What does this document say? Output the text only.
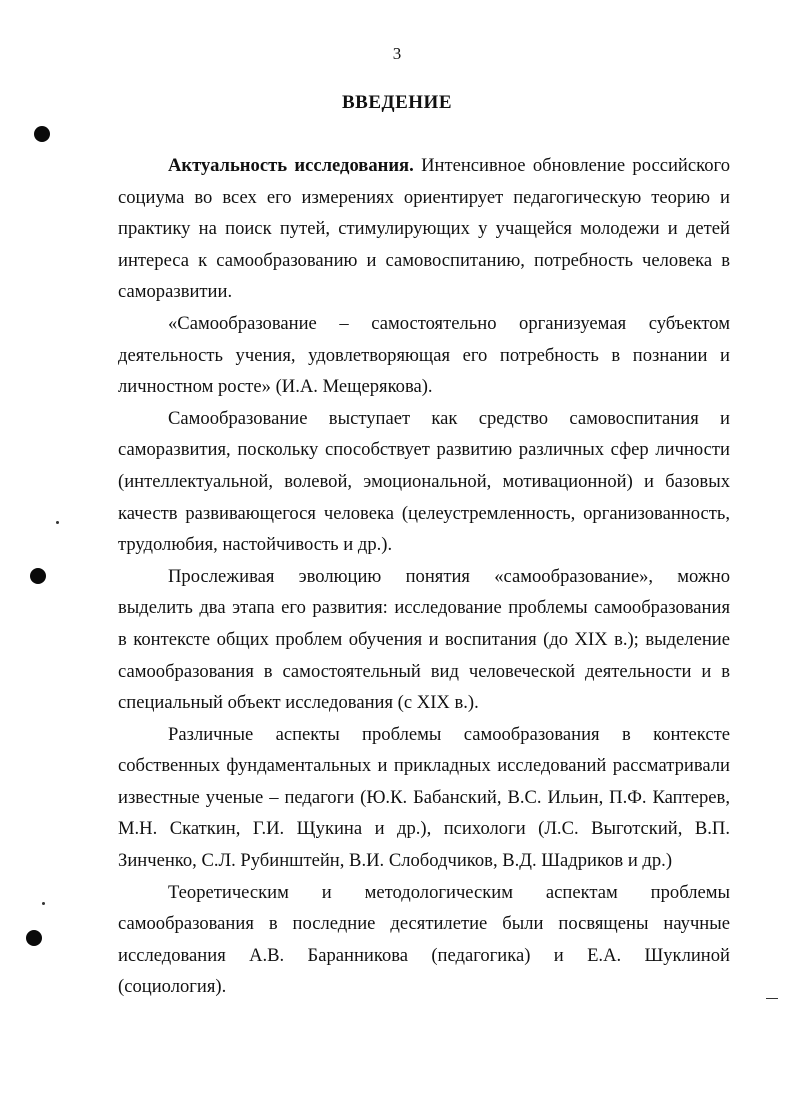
3
ВВЕДЕНИЕ

Актуальность исследования. Интенсивное обновление российского социума во всех его измерениях ориентирует педагогическую теорию и практику на поиск путей, стимулирующих у учащейся молодежи и детей интереса к самообразованию и самовоспитанию, потребность человека в саморазвитии.

«Самообразование – самостоятельно организуемая субъектом деятельность учения, удовлетворяющая его потребность в познании и личностном росте» (И.А. Мещерякова).

Самообразование выступает как средство самовоспитания и саморазвития, поскольку способствует развитию различных сфер личности (интеллектуальной, волевой, эмоциональной, мотивационной) и базовых качеств развивающегося человека (целеустремленность, организованность, трудолюбия, настойчивость и др.).

Прослеживая эволюцию понятия «самообразование», можно выделить два этапа его развития: исследование проблемы самообразования в контексте общих проблем обучения и воспитания (до XIX в.); выделение самообразования в самостоятельный вид человеческой деятельности и в специальный объект исследования (с XIX в.).

Различные аспекты проблемы самообразования в контексте собственных фундаментальных и прикладных исследований рассматривали известные ученые – педагоги (Ю.К. Бабанский, В.С. Ильин, П.Ф. Каптерев, М.Н. Скаткин, Г.И. Щукина и др.), психологи (Л.С. Выготский, В.П. Зинченко, С.Л. Рубинштейн, В.И. Слободчиков, В.Д. Шадриков и др.)

Теоретическим и методологическим аспектам проблемы самообразования в последние десятилетие были посвящены научные исследования А.В. Баранникова (педагогика) и Е.А. Шуклиной (социология).
